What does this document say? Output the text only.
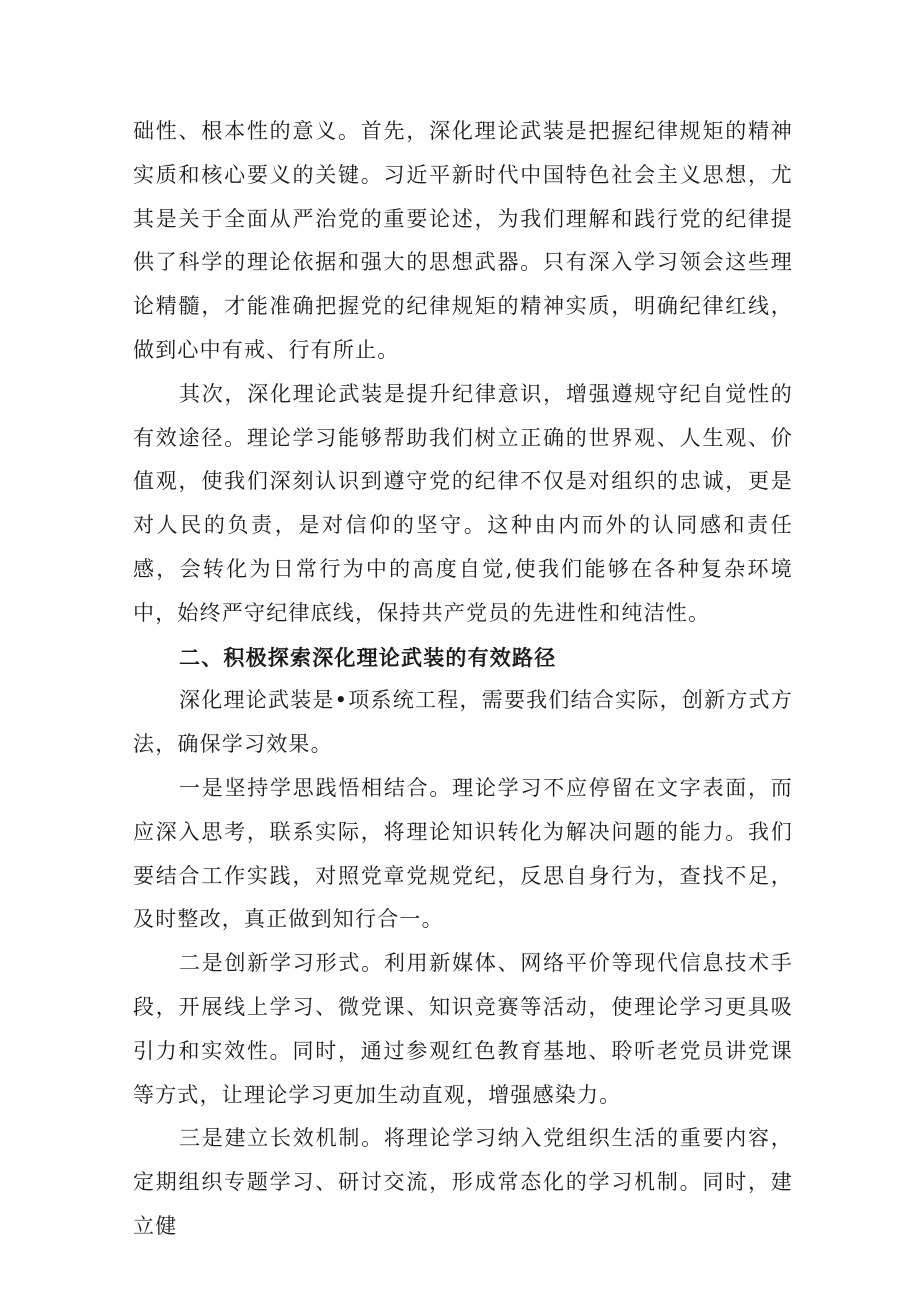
础性、根本性的意义。首先，深化理论武装是把握纪律规矩的精神实质和核心要义的关键。习近平新时代中国特色社会主义思想，尤其是关于全面从严治党的重要论述，为我们理解和践行党的纪律提供了科学的理论依据和强大的思想武器。只有深入学习领会这些理论精髓，才能准确把握党的纪律规矩的精神实质，明确纪律红线，做到心中有戒、行有所止。

其次，深化理论武装是提升纪律意识，增强遵规守纪自觉性的有效途径。理论学习能够帮助我们树立正确的世界观、人生观、价值观，使我们深刻认识到遵守党的纪律不仅是对组织的忠诚，更是对人民的负责，是对信仰的坚守。这种由内而外的认同感和责任感，会转化为日常行为中的高度自觉,使我们能够在各种复杂环境中，始终严守纪律底线，保持共产党员的先进性和纯洁性。

二、积极探索深化理论武装的有效路径

深化理论武装是•项系统工程，需要我们结合实际，创新方式方法，确保学习效果。

一是坚持学思践悟相结合。理论学习不应停留在文字表面，而应深入思考，联系实际，将理论知识转化为解决问题的能力。我们要结合工作实践，对照党章党规党纪，反思自身行为，查找不足，及时整改，真正做到知行合一。

二是创新学习形式。利用新媒体、网络平价等现代信息技术手段，开展线上学习、微党课、知识竞赛等活动，使理论学习更具吸引力和实效性。同时，通过参观红色教育基地、聆听老党员讲党课等方式，让理论学习更加生动直观，增强感染力。

三是建立长效机制。将理论学习纳入党组织生活的重要内容，定期组织专题学习、研讨交流，形成常态化的学习机制。同时，建立健
